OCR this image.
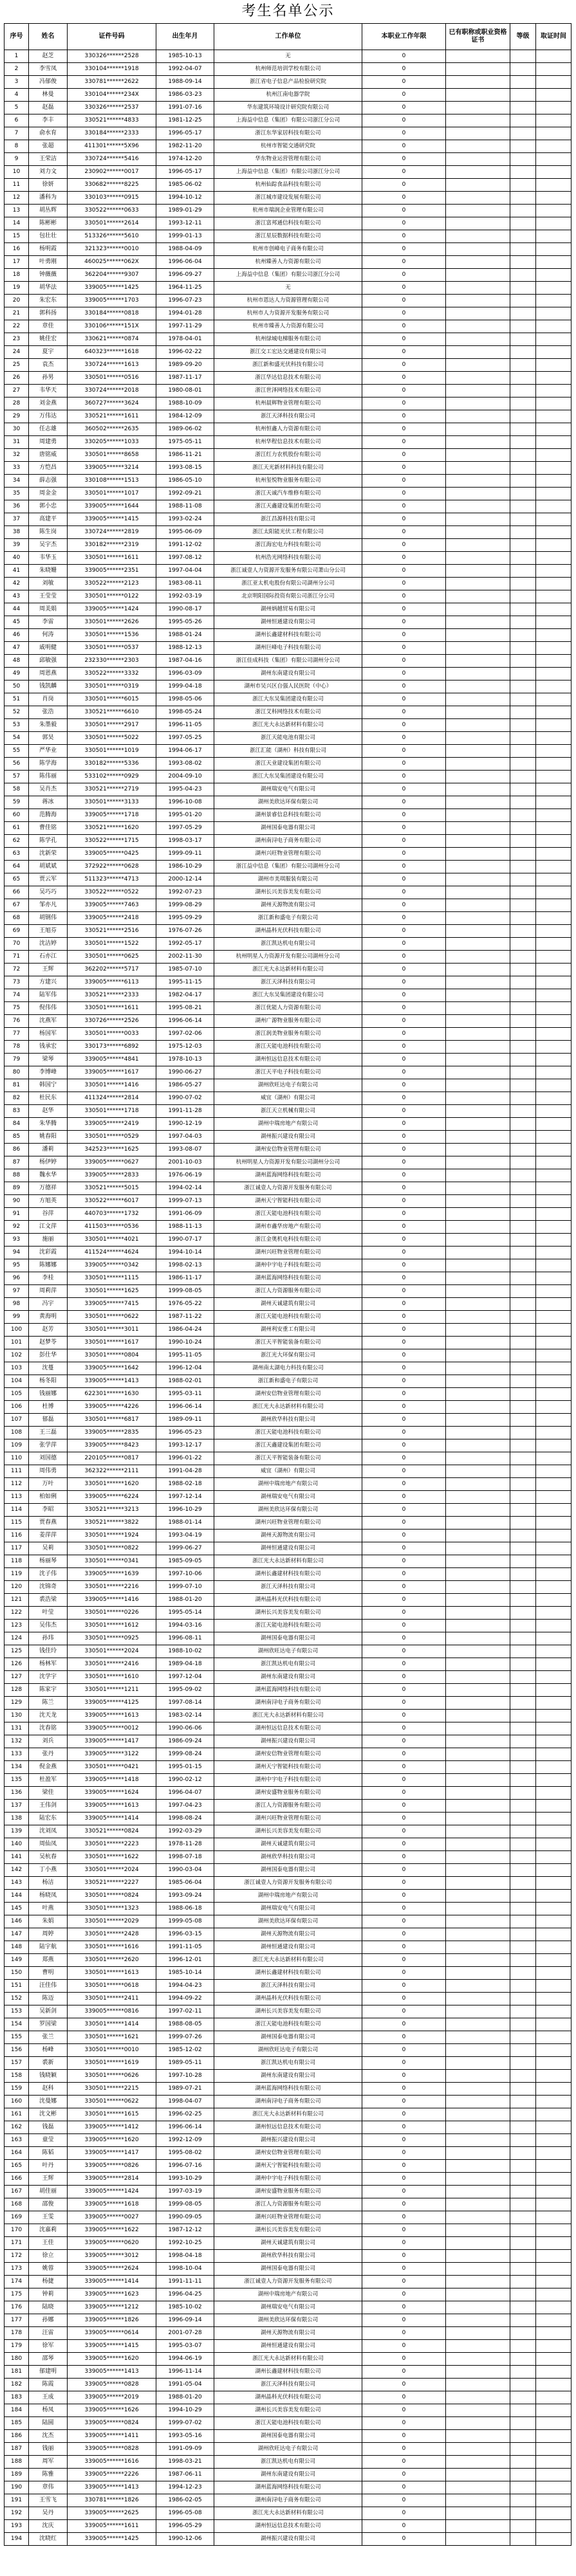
考生名单公示
序号	姓名	证件号码	出生年月	工作单位	本职业工作年限	已有职称或职业资格证书	等级	取证时间
1	赵芝	330326******2528	1985-10-13	无	0			
2	李雪凤	330104******1918	1992-04-07	杭州师范培训学校有限公司	0			
3	冯郁俊	330781******2622	1988-09-14	浙江省电子信息产品检验研究院	0			
4	林曼	330104******234X	1986-03-23	杭州江南电器学院	0			
5	赵磊	330326******2537	1991-07-16	华东建筑环境设计研究院有限公司	0			
6	李丰	330521******4833	1981-12-25	上海益中信息（集团）有限公司浙江分公司	0			
7	俞水育	330184******2333	1996-05-17	浙江东华家居科技有限公司	0			
8	张超	411301******5X96	1982-11-20	杭州市智能交通研究院	0			
9	王荣洁	330724******5416	1974-12-20	华东物业运营管理有限公司	0			
10	刘力文	230902******0017	1996-05-17	上海益中信息（集团）有限公司浙江分公司	0			
11	徐妍	330682******8225	1985-06-02	杭州仙踪食品科技有限公司	0			
12	潘科为	330103******0915	1994-10-12	浙江城市建设发展有限公司	0			
13	胡丛辉	330522******0633	1989-01-29	杭州市瑞润企业管理有限公司	0			
14	陈彬彬	330501******2614	1993-12-11	浙江富邦通信科技有限公司	0			
15	包壮壮	513326******5610	1999-01-13	浙江星辰数据科技有限公司	0			
16	杨明霞	321323******0010	1988-04-09	杭州市创峰电子商务有限公司	0			
17	叶勇刚	460025******062X	1996-06-04	杭州臻善人力资源有限公司	0			
18	钟薇薇	362204******9307	1996-09-27	上海益中信息（集团）有限公司浙江分公司	0			
19	胡华法	339005******1425	1964-11-25	无	0			
20	朱宏东	339005******1703	1996-07-23	杭州市恩达人力资源管理有限公司	0			
21	郭科扬	330184******0818	1994-01-28	杭州市人力资源开发服务有限公司	0			
22	章佳	330106******151X	1997-11-29	杭州市臻善人力资源有限公司	0			
23	姚佳宏	330621******0874	1978-04-01	杭州绿城电梯服务有限公司	0			
24	夏宇	640323******1618	1996-02-22	浙江交工宏达交通建设有限公司	0			
25	袁杰	330724******1613	1989-09-20	浙江新和盛光伏科技有限公司	0			
26	孙男	330501******0516	1987-11-17	浙江华达信息技术有限公司	0			
27	韦华天	330724******2018	1980-08-01	浙江世泽网络技术有限公司	0			
28	刘金燕	360727******3624	1988-10-09	杭州晨辉物业管理有限公司	0			
29	万伟达	330521******1611	1984-12-09	浙江天泽科技有限公司	0			
30	任志雄	360502******2635	1989-06-02	杭州恒鑫人力资源有限公司	0			
31	周建勇	330205******1033	1975-05-11	杭州华程信息技术有限公司	0			
32	唐铭威	330501******8658	1986-11-21	浙江红力农机股份有限公司	0			
33	方恺昌	339005******3214	1993-08-15	浙江天光新材料科技有限公司	0			
34	薛志强	330108******1513	1986-05-10	杭州玺悦物业服务有限公司	0			
35	周金金	330501******1017	1992-09-21	浙江天诚汽车维修有限公司	0			
36	郭小忠	339005******1644	1988-11-08	浙江天鑫建设集团有限公司	0			
37	高建平	339005******1415	1993-02-24	浙江昌源科技有限公司	0			
38	陈生岗	330724******2819	1995-06-09	浙江太阳能光伏工程有限公司	0			
39	吴宇杰	330182******2319	1991-12-02	浙江海宏电力科技有限公司	0			
40	韦华玉	330501******1611	1997-08-12	杭州浩光网络科技有限公司	0			
41	朱晓姗	339005******2351	1997-04-04	浙江诚壹人力资源开发服务有限公司萧山分公司	0			
42	刘敏	330522******2123	1983-08-11	浙江亚太机电股份有限公司湖州分公司	0			
43	王莹莹	330501******0122	1992-03-19	北京明阳国际投资有限公司浙江分公司	0			
44	周美娟	339005******1424	1990-08-17	湖州炳越贸易有限公司	0			
45	李雷	330501******2626	1995-05-26	湖州恒通建设有限公司	0			
46	何涛	330501******1536	1988-01-24	湖州长鑫建材科技有限公司	0			
47	戚明健	330501******0537	1988-12-13	湖州巨峰电子科技有限公司	0			
48	邱敏强	232330******2303	1987-04-16	浙江佳成科技（集团）有限公司湖州分公司	0			
49	周恩燕	330522******3332	1996-03-09	湖州东南建设有限公司	0			
50	钱凯麟	330501******0319	1999-04-18	湖州市吴兴区自强人民医院（中心）	0			
51	肖岗	330501******6015	1998-05-06	浙江大东吴集团建设有限公司	0			
52	张浩	330521******6610	1998-05-24	浙江艾科网络技术有限公司	0			
53	朱墨毅	330501******2917	1996-11-05	浙江光大永达新材料有限公司	0			
54	郭昊	330501******5022	1997-05-25	浙江天能电池有限公司	0			
55	严华业	330501******1019	1994-06-17	浙江汇能（湖州）科技有限公司	0			
56	陈学海	330182******5336	1993-08-02	浙江天业建设集团有限公司	0			
57	陈伟丽	533102******0929	2004-09-10	浙江大东吴集团建设有限公司	0			
58	吴肖杰	330521******2719	1995-04-23	湖州瑞安电气有限公司	0			
59	蒋冰	330501******3133	1996-10-08	湖州美欣达环保有限公司	0			
60	范腾海	339005******1718	1995-01-20	湖州景睿信息科技有限公司	0			
61	曹佳铭	330521******1620	1997-05-29	湖州国泰电器有限公司	0			
62	陈学孔	330522******1715	1998-03-17	湖州南浔电子商务有限公司	0			
63	沈新荣	339005******0425	1999-09-11	湖州兴旺物业管理有限公司	0			
64	胡斌斌	372922******0628	1986-10-29	浙江益中信息（集团）有限公司湖州分公司	0			
65	贾云军	511323******4713	2000-12-14	湖州市美琪服装有限公司	0			
66	吴巧巧	330522******0522	1992-07-23	湖州长兴美容美发有限公司	0			
67	邹亦凡	339005******7463	1999-08-29	湖州天源物流有限公司	0			
68	胡钢伟	339005******2418	1995-09-29	浙江新和盛电子有限公司	0			
69	王旭芬	330521******2516	1976-07-26	湖州晶科光伏科技有限公司	0			
70	沈洁婷	330501******1522	1992-05-17	浙江凯达机电有限公司	0			
71	石亦江	330501******0625	2002-11-30	杭州明星人力资源开发有限公司湖州分公司	0			
72	王辉	362202******5717	1985-07-10	浙江光大永达新材料有限公司	0			
73	方建兴	339005******6113	1995-11-15	浙江天泽科技有限公司	0			
74	陆军伟	330521******2333	1982-04-17	浙江大东吴集团建设有限公司	0			
75	倪伟伟	330501******1611	1995-08-21	浙江优能人力资源有限公司	0			
76	沈燕军	330726******2526	1996-06-14	湖州广源物业服务有限公司	0			
77	杨国军	330501******0033	1997-02-06	浙江润美物业服务有限公司	0			
78	钱承宏	330173******6892	1975-12-03	浙江天能电池科技有限公司	0			
79	梁琴	339005******4841	1978-10-13	湖州恒远信息技术有限公司	0			
80	李博峰	339005******1617	1990-06-27	浙江天平电子科技有限公司	0			
81	韩国宁	330501******1416	1986-05-27	湖州欣旺达电子有限公司	0			
82	杜民东	411324******2814	1990-07-02	威宜（湖州）有限公司	0			
83	赵华	330501******1718	1991-11-28	浙江天立机械有限公司	0			
84	朱华腾	339005******2419	1990-12-19	湖州中瑞房地产有限公司	0			
85	姚春阳	330501******0529	1997-04-03	湖州振兴建设有限公司	0			
86	潘莉	342523******1625	1993-08-07	湖州安信物业管理有限公司	0			
87	杨伊婷	339005******0627	2001-10-03	杭州明星人力资源开发有限公司湖州分公司	0			
88	魏水华	339005******2833	1976-06-19	湖州蓝海网络科技有限公司	0			
89	万德祥	330521******5015	1994-02-14	浙江诚壹人力资源开发服务有限公司	0			
90	方旭英	330522******6017	1999-07-13	湖州天宁智能科技有限公司	0			
91	谷萍	440703******1732	1991-06-09	浙江天能电池科技有限公司	0			
92	江文萍	411503******0536	1988-11-13	湖州市鑫华房地产有限公司	0			
93	施丽	330501******4021	1990-07-17	浙江金奥机电科技有限公司	0			
94	沈彩霞	411524******4624	1994-10-14	湖州兴旺物业管理有限公司	0			
95	陈娜娜	339005******0342	1998-02-13	湖州中宇电子科技有限公司	0			
96	李桂	330501******1115	1986-11-17	湖州蓝海网络科技有限公司	0			
97	周莉萍	330501******1625	1999-08-05	浙江人力资源服务有限公司	0			
98	冯宇	339005******7415	1976-05-22	湖州天诚建筑有限公司	0			
99	黄海明	330501******0622	1987-11-22	浙江天能电池科技有限公司	0			
100	赵芳	330501******3011	1986-04-24	湖州利安重工有限公司	0			
101	赵梦苓	330501******1617	1990-10-24	浙江天平智能装备有限公司	0			
102	彭仕华	330501******0804	1995-11-05	浙江光大环保有限公司	0			
103	沈蔓	339005******1642	1996-12-04	湖州南太湖电力科技有限公司	0			
104	杨冬阳	339005******1413	1988-02-01	浙江新和盛电子有限公司	0			
105	钱丽娜	622301******1630	1995-03-11	湖州安信物业管理有限公司	0			
106	杜博	339005******4226	1996-06-14	浙江光大永达新材料有限公司	0			
107	郁磊	330501******6817	1989-09-11	湖州欣华科技有限公司	0			
108	王三磊	339005******2835	1996-05-23	浙江天能电池科技有限公司	0			
109	张学萍	339005******8423	1993-12-17	浙江天鑫建设集团有限公司	0			
110	刘国德	220105******0817	1996-01-22	浙江天平智能装备有限公司	0			
111	周伟勇	362322******2111	1991-04-28	威宜（湖州）有限公司	0			
112	万叶	330501******1620	1988-02-18	湖州中瑞房地产有限公司	0			
113	柏如俐	339005******6224	1997-12-14	湖州瑞安电气有限公司	0			
114	李昭	330521******3213	1996-10-29	湖州美欣达环保有限公司	0			
115	贾春燕	330521******3822	1988-01-14	湖州兴旺物业管理有限公司	0			
116	姜萍萍	330501******1924	1993-04-19	湖州天源物流有限公司	0			
117	吴莉	330501******0822	1999-06-27	湖州恒通建设有限公司	0			
118	杨丽琴	330501******0341	1985-09-05	浙江光大永达新材料有限公司	0			
119	沈子伟	339005******1639	1997-10-06	湖州长鑫建材科技有限公司	0			
120	沈锦奇	330501******2216	1999-07-10	浙江天泽科技有限公司	0			
121	裘浩梁	339005******1416	1988-01-20	湖州晶科光伏科技有限公司	0			
122	叶莹	330501******0226	1995-05-14	湖州长兴美容美发有限公司	0			
123	吴伟杰	330501******1612	1994-03-16	浙江天能电池科技有限公司	0			
124	孙玮	330501******0925	1996-08-11	湖州国泰电器有限公司	0			
125	钱佳玲	330501******2024	1988-10-02	湖州欣旺达电子有限公司	0			
126	杨林军	330501******2416	1989-04-18	浙江凯达机电有限公司	0			
127	沈学宇	330501******1610	1997-12-04	湖州东南建设有限公司	0			
128	陈家宇	330501******1211	1995-09-02	湖州蓝海网络科技有限公司	0			
129	陈兰	339005******4125	1997-08-14	湖州南浔电子商务有限公司	0			
130	沈天龙	339005******1613	1983-02-14	浙江光大永达新材料有限公司	0			
131	沈春铭	339005******0012	1990-06-06	湖州恒远信息技术有限公司	0			
132	刘兵	339005******1417	1986-09-24	湖州振兴建设有限公司	0			
133	张丹	339005******3122	1999-08-24	湖州安信物业管理有限公司	0			
134	倪金燕	330501******0421	1995-01-15	湖州天宁智能科技有限公司	0			
135	杜盈军	339005******1418	1990-02-12	湖州中宇电子科技有限公司	0			
136	梁佳	339005******1624	1996-04-07	湖州安盛物业服务有限公司	0			
137	王伟剑	339005******1613	1997-04-23	浙江人力资源服务有限公司	0			
138	陆宏东	339005******1414	1998-08-24	湖州兴旺物业管理有限公司	0			
139	沈刘凤	330521******0824	1992-03-29	湖州长兴美容美发有限公司	0			
140	周仙凤	330501******2223	1978-11-28	湖州天诚建筑有限公司	0			
141	吴杭春	330501******1622	1998-07-18	湖州欣华科技有限公司	0			
142	丁小燕	330501******2024	1990-03-04	湖州国泰电器有限公司	0			
143	杨洁	330521******2227	1985-06-04	浙江诚壹人力资源开发服务有限公司	0			
144	杨晓凤	330501******0824	1993-09-24	湖州中瑞房地产有限公司	0			
145	叶燕	330501******1323	1988-06-18	湖州瑞安电气有限公司	0			
146	朱娟	330501******2029	1999-05-08	湖州美欣达环保有限公司	0			
147	周婷	330501******2428	1996-03-15	湖州天源物流有限公司	0			
148	陆宇航	330501******1616	1991-11-05	湖州恒通建设有限公司	0			
149	郑燕	330501******2620	1996-12-01	浙江光大永达新材料有限公司	0			
150	曹明	330501******1613	1985-10-14	湖州长鑫建材科技有限公司	0			
151	汪佳伟	330501******0618	1994-04-23	浙江天泽科技有限公司	0			
152	陈迈	330501******2411	1994-09-22	湖州晶科光伏科技有限公司	0			
153	吴新剑	339005******0816	1997-02-11	湖州长兴美容美发有限公司	0			
154	罗国梁	330501******1414	1988-08-05	浙江天能电池科技有限公司	0			
155	张兰	330501******1621	1999-07-26	湖州国泰电器有限公司	0			
156	杨峰	330501******0010	1985-12-02	湖州欣旺达电子有限公司	0			
157	裘新	330501******1619	1989-05-11	浙江凯达机电有限公司	0			
158	钱晓颖	330501******0626	1997-10-28	湖州东南建设有限公司	0			
159	赵科	330501******2215	1989-07-21	湖州蓝海网络科技有限公司	0			
160	沈曼娜	330501******0622	1998-04-07	湖州南浔电子商务有限公司	0			
161	沈文彬	330501******1615	1996-02-25	浙江光大永达新材料有限公司	0			
162	钱磊	339005******1412	1996-06-14	湖州恒远信息技术有限公司	0			
163	童莹	339005******1620	1992-12-09	湖州振兴建设有限公司	0			
164	陈韬	339005******1417	1995-08-02	湖州安信物业管理有限公司	0			
165	叶丹	339005******0826	1996-07-16	湖州天宁智能科技有限公司	0			
166	王辉	339005******2814	1993-10-29	湖州中宇电子科技有限公司	0			
167	胡佳丽	339005******1424	1997-03-19	湖州安盛物业服务有限公司	0			
168	邵俊	339005******1618	1999-08-05	浙江人力资源服务有限公司	0			
169	王雯	339005******0027	1990-09-05	湖州兴旺物业管理有限公司	0			
170	沈嘉莉	339005******1622	1987-12-12	湖州长兴美容美发有限公司	0			
171	王佳	339005******0620	1992-10-25	湖州天诚建筑有限公司	0			
172	徐立	339005******3012	1998-04-18	湖州欣华科技有限公司	0			
173	姚蓉	339005******2624	1998-10-04	湖州国泰电器有限公司	0			
174	杨捷	339005******1414	1991-11-11	浙江诚壹人力资源开发服务有限公司	0			
175	钟莉	339005******1623	1996-04-25	湖州中瑞房地产有限公司	0			
176	陆晓	339005******1212	1985-10-02	湖州瑞安电气有限公司	0			
177	孙娜	339005******1826	1996-09-14	湖州美欣达环保有限公司	0			
178	汪雷	339005******0614	2001-07-28	湖州天源物流有限公司	0			
179	徐军	339005******1415	1995-03-07	湖州恒通建设有限公司	0			
180	邵琴	339005******1620	1994-06-19	浙江光大永达新材料有限公司	0			
181	郁建明	339005******1413	1996-11-14	湖州长鑫建材科技有限公司	0			
182	陈霞	339005******0828	1991-05-04	浙江天泽科技有限公司	0			
183	王成	339005******2019	1988-01-20	湖州晶科光伏科技有限公司	0			
184	杨凤	339005******1626	1994-10-29	湖州长兴美容美发有限公司	0			
185	陆圆	339005******0824	1999-07-02	浙江天能电池科技有限公司	0			
186	沈杰	339005******1411	1993-05-16	湖州国泰电器有限公司	0			
187	钱丽	339005******0828	1991-09-09	湖州欣旺达电子有限公司	0			
188	周军	339005******1616	1998-03-21	浙江凯达机电有限公司	0			
189	陈雅	339005******2226	1987-06-11	湖州东南建设有限公司	0			
190	章伟	339005******1413	1994-12-23	湖州蓝海网络科技有限公司	0			
191	王雪飞	330781******1826	1986-02-05	湖州南浔电子商务有限公司	0			
192	吴丹	339005******2625	1996-05-08	浙江光大永达新材料有限公司	0			
193	沈庆	339005******1611	1996-05-29	湖州恒远信息技术有限公司	0			
194	沈晓红	339005******1425	1990-12-06	湖州振兴建设有限公司	0			
